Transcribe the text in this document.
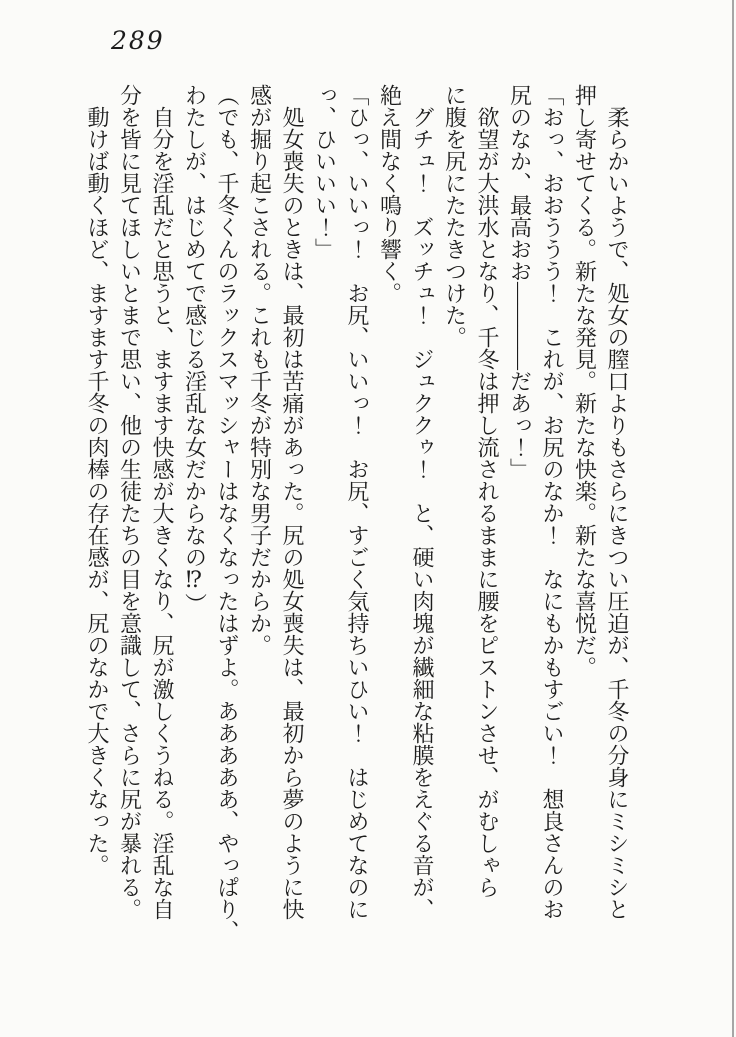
289

　柔らかいようで、処女の膣口よりもさらにきつい圧迫が、千冬の分身にミシミシと

押し寄せてくる。新たな発見。新たな快楽。新たな喜悦だ。

「おっ、おおううう！　これが、お尻のなか！　なにもかもすごい！　想良さんのお

尻のなか、最高おお――――だあっ！」

　欲望が大洪水となり、千冬は押し流されるままに腰をピストンさせ、がむしゃら

に腹を尻にたたきつけた。

　グチュ！　ズッチュ！　ジュククゥ！　と、硬い肉塊が繊細な粘膜をえぐる音が、

絶え間なく鳴り響く。

「ひっ、いいっ！　お尻、いいっ！　お尻、すごく気持ちいひい！　はじめてなのに

っ、ひいいい！」

　処女喪失のときは、最初は苦痛があった。尻の処女喪失は、最初から夢のように快

感が掘り起こされる。これも千冬が特別な男子だからか。

（でも、千冬くんのラックスマッシャーはなくなったはずよ。あああああ、やっぱり、

わたしが、はじめてで感じる淫乱な女だからなの⁉）

　自分を淫乱だと思うと、ますます快感が大きくなり、尻が激しくうねる。淫乱な自

分を皆に見てほしいとまで思い、他の生徒たちの目を意識して、さらに尻が暴れる。

　動けば動くほど、ますます千冬の肉棒の存在感が、尻のなかで大きくなった。
